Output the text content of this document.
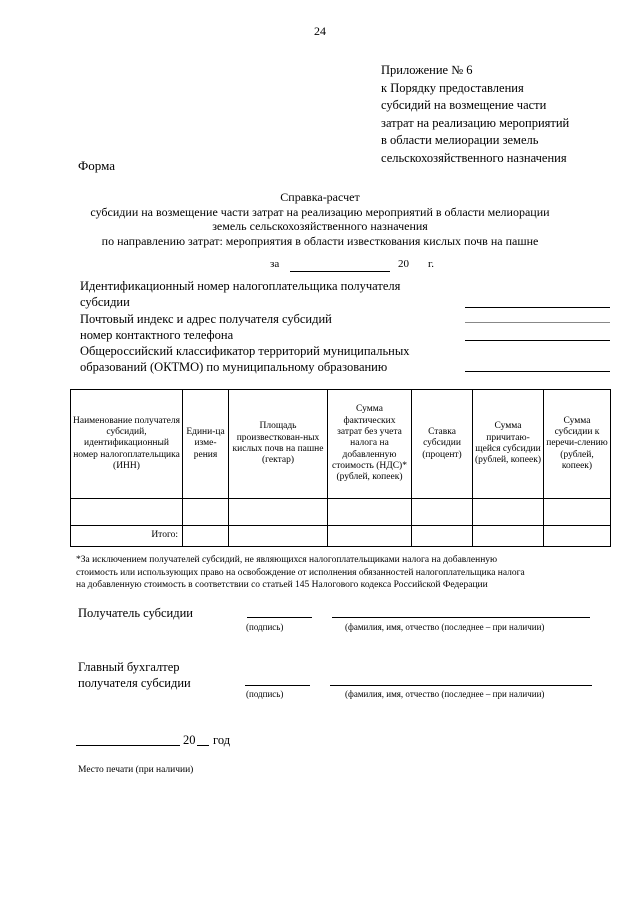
24
Приложение № 6
к Порядку предоставления
субсидий на возмещение части
затрат на реализацию мероприятий
в области мелиорации земель
сельскохозяйственного назначения
Форма
Справка-расчет
субсидии на возмещение части затрат на реализацию мероприятий в области мелиорации
земель сельскохозяйственного назначения
по направлению затрат: мероприятия в области известкования кислых почв на пашне
за	20 г.
Идентификационный номер налогоплательщика получателя
субсидии
Почтовый индекс и адрес получателя субсидий
номер контактного телефона
Общероссийский классификатор территорий муниципальных
образований (ОКТМО) по муниципальному образованию
Наименование получателя субсидий, идентификационный номер налогоплательщика (ИНН)	Едини-ца изме-рения	Площадь произвесткован-ных кислых почв на пашне (гектар)	Сумма фактических затрат без учета налога на добавленную стоимость (НДС)* (рублей, копеек)	Ставка субсидии (процент)	Сумма причитаю-щейся субсидии (рублей, копеек)	Сумма субсидии к перечи-слению (рублей, копеек)

Итого:						
*За исключением получателей субсидий, не являющихся налогоплательщиками налога на добавленную
стоимость или использующих право на освобождение от исполнения обязанностей налогоплательщика налога
на добавленную стоимость в соответствии со статьей 145 Налогового кодекса Российской Федерации
Получатель субсидии
(подпись)	(фамилия, имя, отчество (последнее – при наличии)
Главный бухгалтер
получателя субсидии
(подпись)	(фамилия, имя, отчество (последнее – при наличии)
20 год
Место печати (при наличии)
